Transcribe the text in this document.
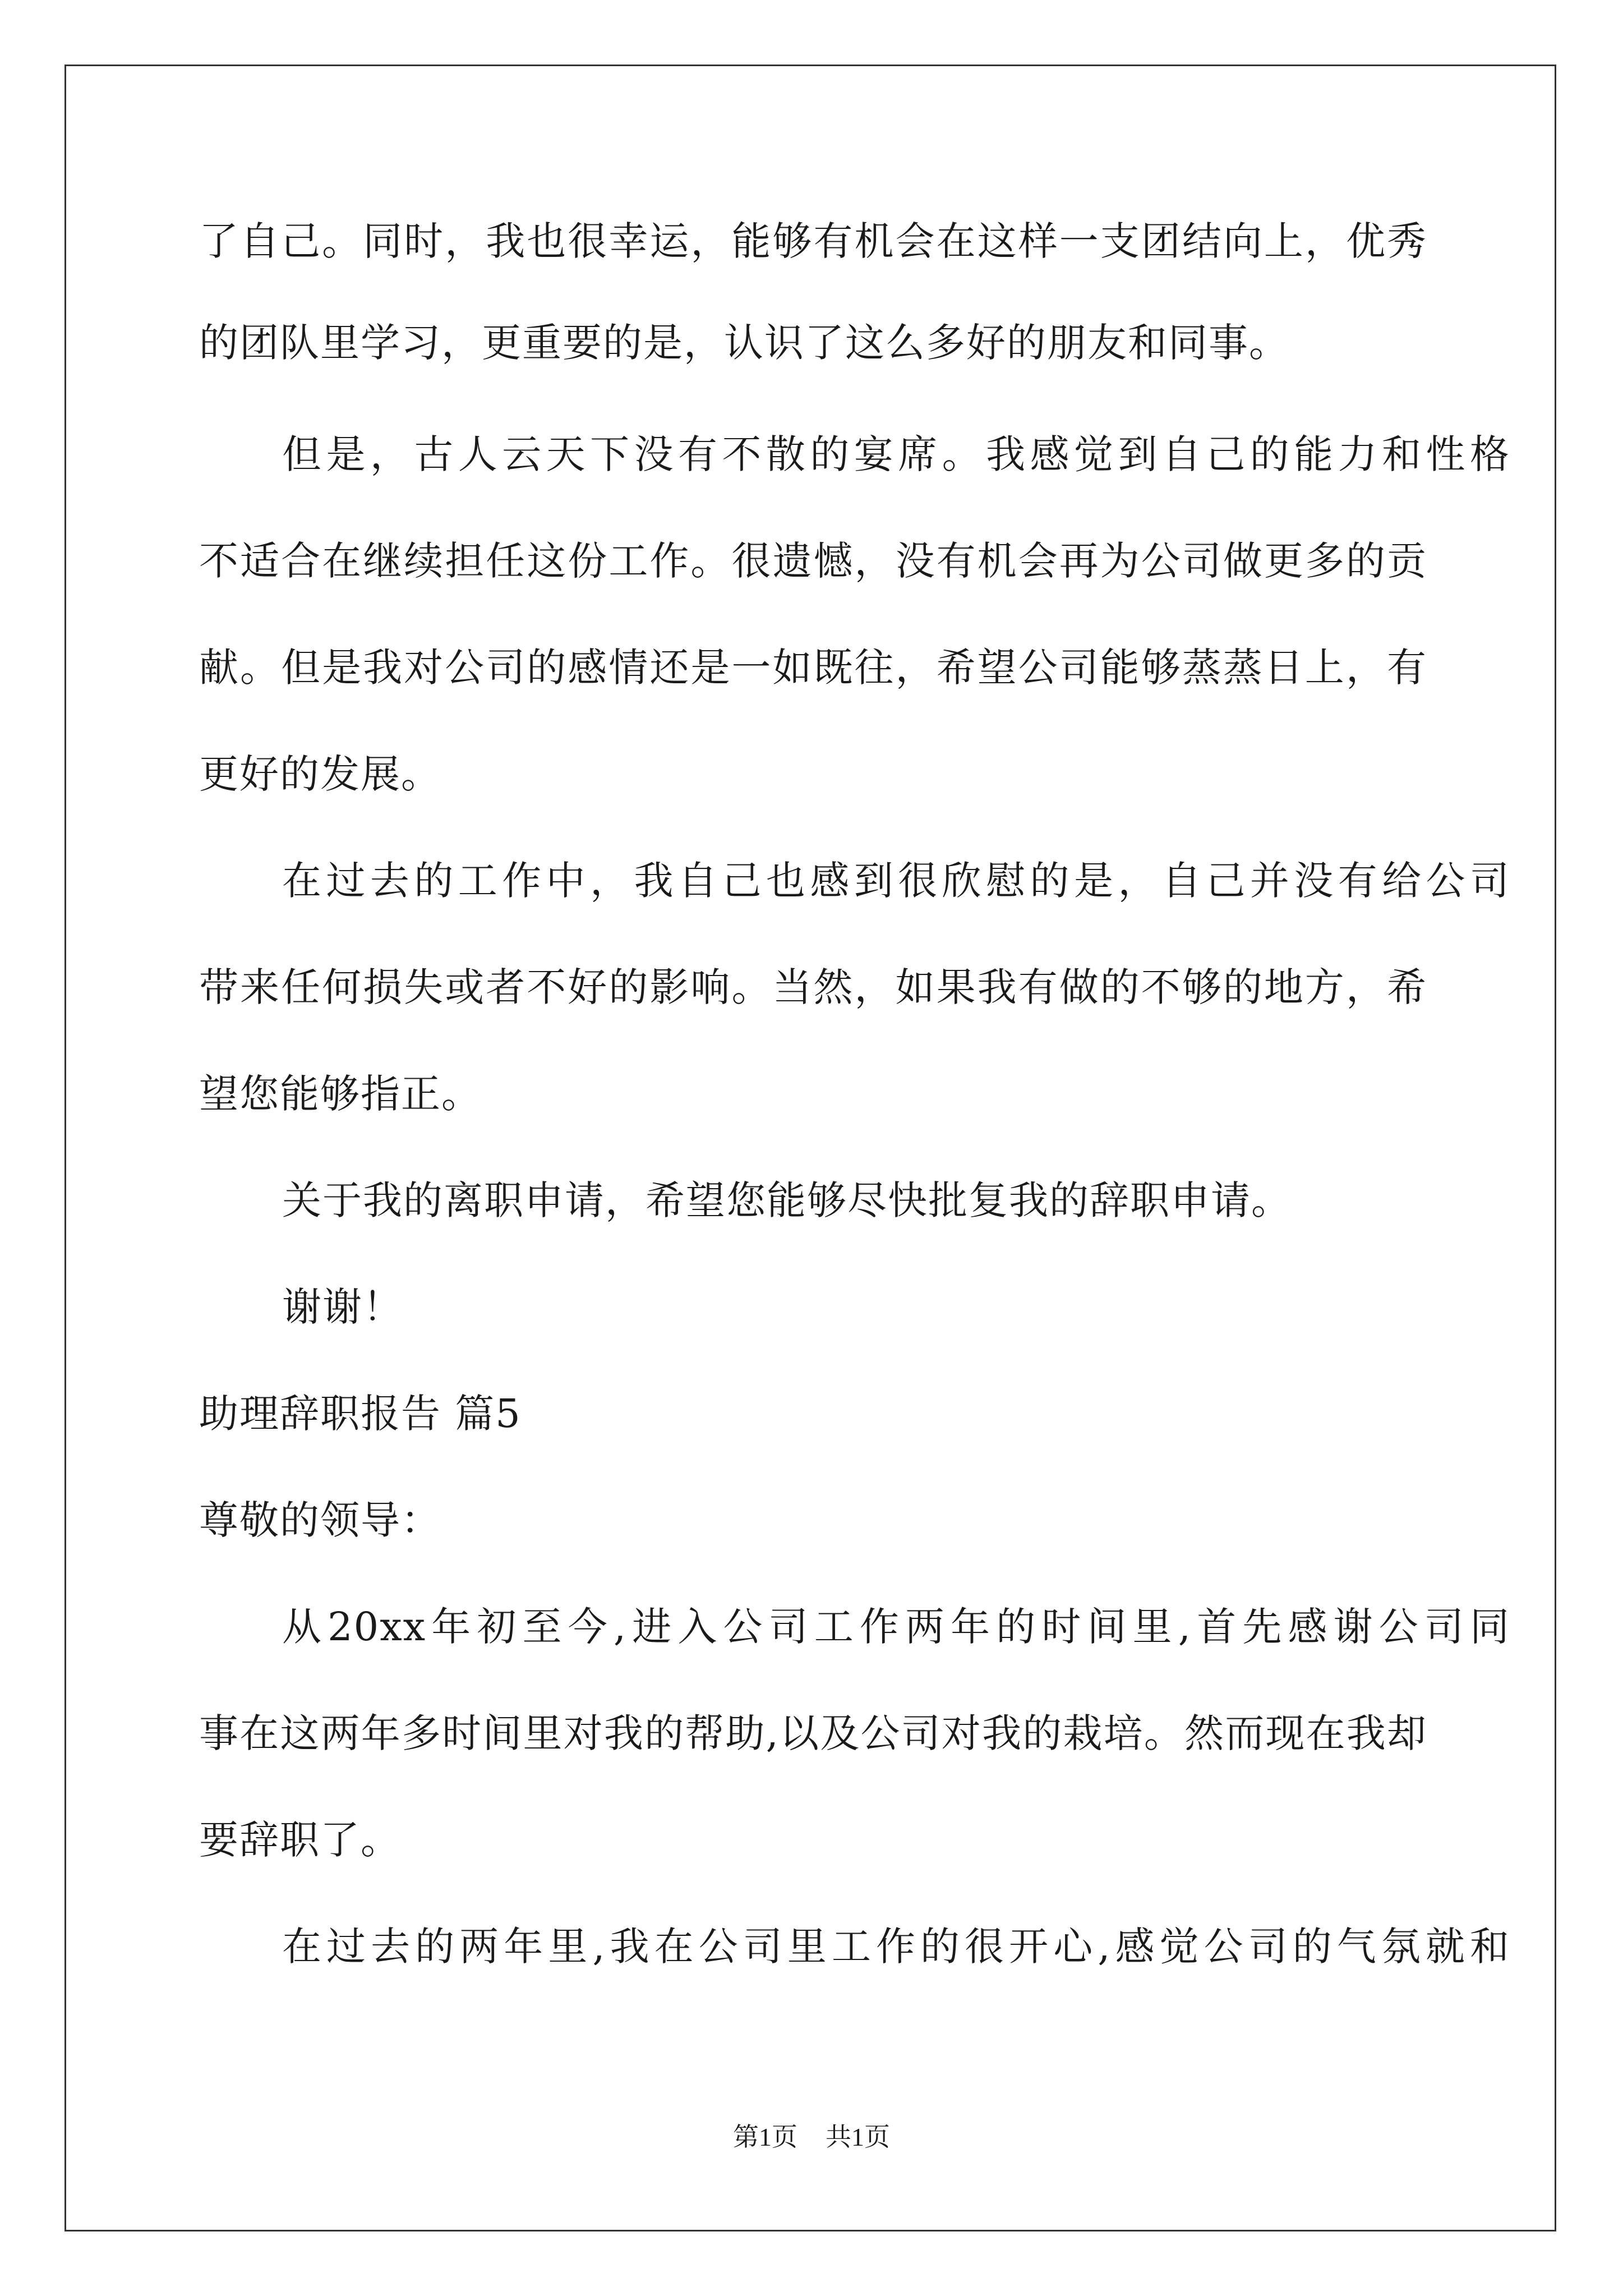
了自己。同时，我也很幸运，能够有机会在这样一支团结向上，优秀
的团队里学习，更重要的是，认识了这么多好的朋友和同事。
但是，古人云天下没有不散的宴席。我感觉到自己的能力和性格
不适合在继续担任这份工作。很遗憾，没有机会再为公司做更多的贡
献。但是我对公司的感情还是一如既往，希望公司能够蒸蒸日上，有
更好的发展。
在过去的工作中，我自己也感到很欣慰的是，自己并没有给公司
带来任何损失或者不好的影响。当然，如果我有做的不够的地方，希
望您能够指正。
关于我的离职申请，希望您能够尽快批复我的辞职申请。
谢谢！
助理辞职报告 篇5
尊敬的领导：
从20xx年初至今,进入公司工作两年的时间里,首先感谢公司同
事在这两年多时间里对我的帮助,以及公司对我的栽培。然而现在我却
要辞职了。
在过去的两年里,我在公司里工作的很开心,感觉公司的气氛就和
第1页 共1页
